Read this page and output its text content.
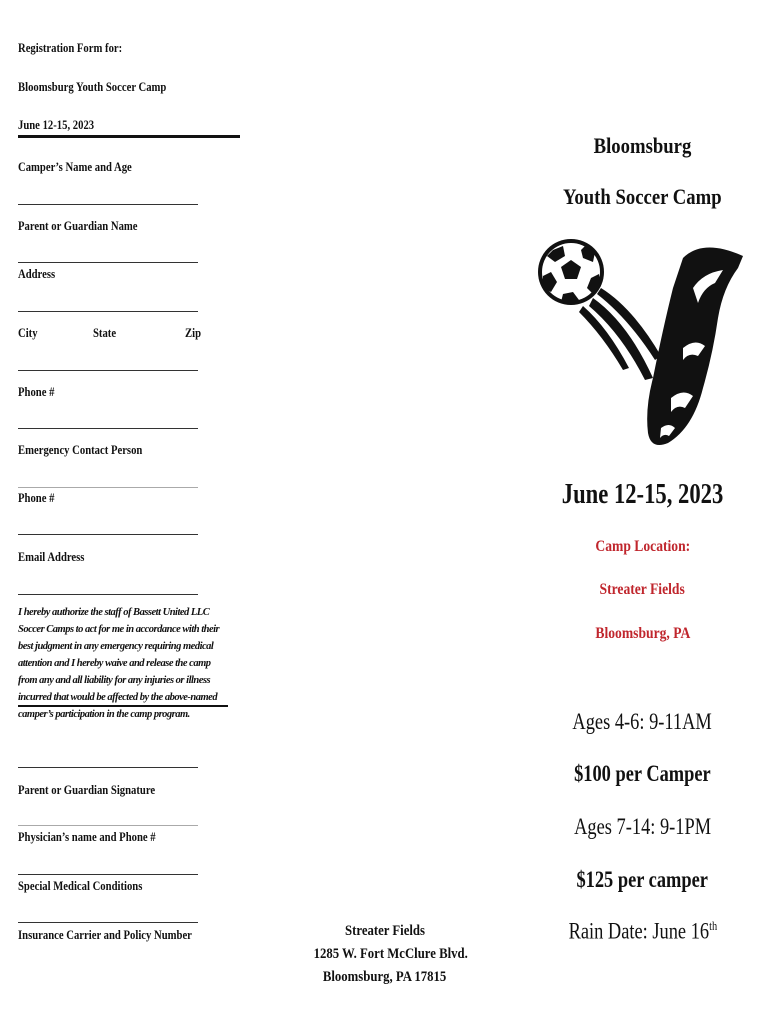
Registration Form for:
Bloomsburg Youth Soccer Camp
June 12-15, 2023
Camper’s Name and Age
Parent or Guardian Name
Address
City	State	Zip
Phone #
Emergency Contact Person
Phone #
Email Address
I hereby authorize the staff of Bassett United LLC Soccer Camps to act for me in accordance with their best judgment in any emergency requiring medical attention and I hereby waive and release the camp from any and all liability for any injuries or illness incurred that would be affected by the above-named camper’s participation in the camp program.
Parent or Guardian Signature
Physician’s name and Phone #
Special Medical Conditions
Insurance Carrier and Policy Number	Streater Fields
1285 W. Fort McClure Blvd.
Bloomsburg, PA 17815
Bloomsburg
Youth Soccer Camp
June 12-15, 2023
Camp Location:
Streater Fields
Bloomsburg, PA
Ages 4-6: 9-11AM
$100 per Camper
Ages 7-14: 9-1PM
$125 per camper
Rain Date: June 16th
